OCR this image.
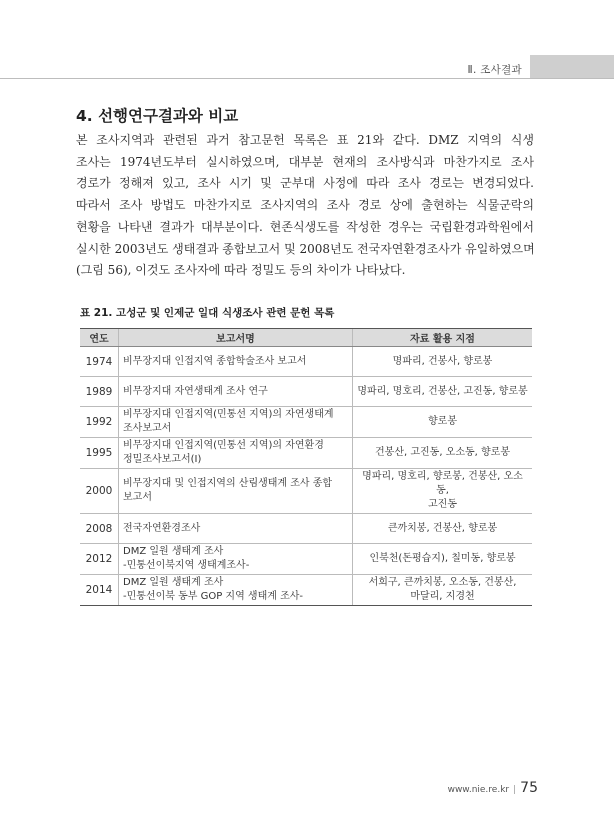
Ⅱ. 조사결과
4. 선행연구결과와 비교
본 조사지역과 관련된 과거 참고문헌 목록은 표 21와 같다. DMZ 지역의 식생
조사는 1974년도부터 실시하였으며, 대부분 현재의 조사방식과 마찬가지로 조사
경로가 정해져 있고, 조사 시기 및 군부대 사정에 따라 조사 경로는 변경되었다.
따라서 조사 방법도 마찬가지로 조사지역의 조사 경로 상에 출현하는 식물군락의
현황을 나타낸 결과가 대부분이다. 현존식생도를 작성한 경우는 국립환경과학원에서
실시한 2003년도 생태결과 종합보고서 및 2008년도 전국자연환경조사가 유일하였으며
(그림 56), 이것도 조사자에 따라 정밀도 등의 차이가 나타났다.
표 21. 고성군 및 인제군 일대 식생조사 관련 문헌 목록
연도	보고서명	자료 활용 지점
1974	비무장지대 인접지역 종합학술조사 보고서	명파리, 건봉사, 향로봉
1989	비무장지대 자연생태계 조사 연구	명파리, 명호리, 건봉산, 고진동, 향로봉
1992	비무장지대 인접지역(민통선 지역)의 자연생태계
조사보고서	향로봉
1995	비무장지대 인접지역(민통선 지역)의 자연환경
정밀조사보고서(Ⅰ)	건봉산, 고진동, 오소동, 향로봉
2000	비무장지대 및 인접지역의 산림생태계 조사 종합
보고서	명파리, 명호리, 향로봉, 건봉산, 오소동,
고진동
2008	전국자연환경조사	큰까치봉, 건봉산, 향로봉
2012	DMZ 일원 생태계 조사
-민통선이북지역 생태계조사-	인북천(돈평습지), 칠미동, 향로봉
2014	DMZ 일원 생태계 조사
-민통선이북 동부 GOP 지역 생태계 조사-	서희구, 큰까치봉, 오소동, 건봉산,
마달리, 지경천
www.nie.re.kr | 75
